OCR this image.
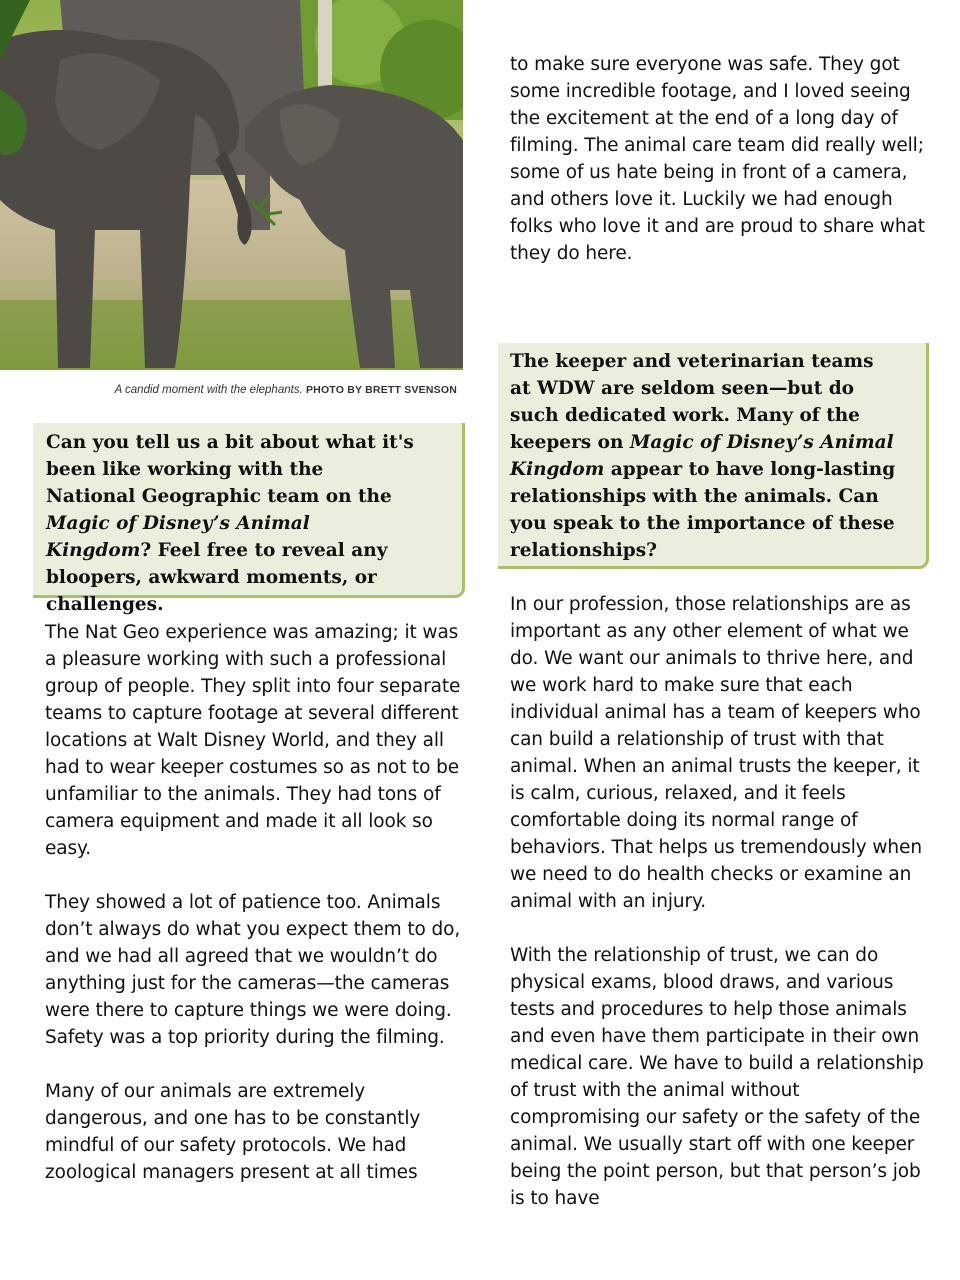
A candid moment with the elephants. PHOTO BY BRETT SVENSON

Can you tell us a bit about what it's been like working with the National Geographic team on the Magic of Disney’s Animal Kingdom? Feel free to reveal any bloopers, awkward moments, or challenges.

The Nat Geo experience was amazing; it was a pleasure working with such a professional group of people. They split into four separate teams to capture footage at several different locations at Walt Disney World, and they all had to wear keeper costumes so as not to be unfamiliar to the animals. They had tons of camera equipment and made it all look so easy.

They showed a lot of patience too. Animals don’t always do what you expect them to do, and we had all agreed that we wouldn’t do anything just for the cameras—the cameras were there to capture things we were doing. Safety was a top priority during the filming.

Many of our animals are extremely dangerous, and one has to be constantly mindful of our safety protocols. We had zoological managers present at all times

to make sure everyone was safe. They got some incredible footage, and I loved seeing the excitement at the end of a long day of filming. The animal care team did really well; some of us hate being in front of a camera, and others love it. Luckily we had enough folks who love it and are proud to share what they do here.

The keeper and veterinarian teams at WDW are seldom seen—but do such dedicated work. Many of the keepers on Magic of Disney’s Animal Kingdom appear to have long-lasting relationships with the animals. Can you speak to the importance of these relationships?

In our profession, those relationships are as important as any other element of what we do. We want our animals to thrive here, and we work hard to make sure that each individual animal has a team of keepers who can build a relationship of trust with that animal. When an animal trusts the keeper, it is calm, curious, relaxed, and it feels comfortable doing its normal range of behaviors. That helps us tremendously when we need to do health checks or examine an animal with an injury.

With the relationship of trust, we can do physical exams, blood draws, and various tests and procedures to help those animals and even have them participate in their own medical care. We have to build a relationship of trust with the animal without compromising our safety or the safety of the animal. We usually start off with one keeper being the point person, but that person’s job is to have
